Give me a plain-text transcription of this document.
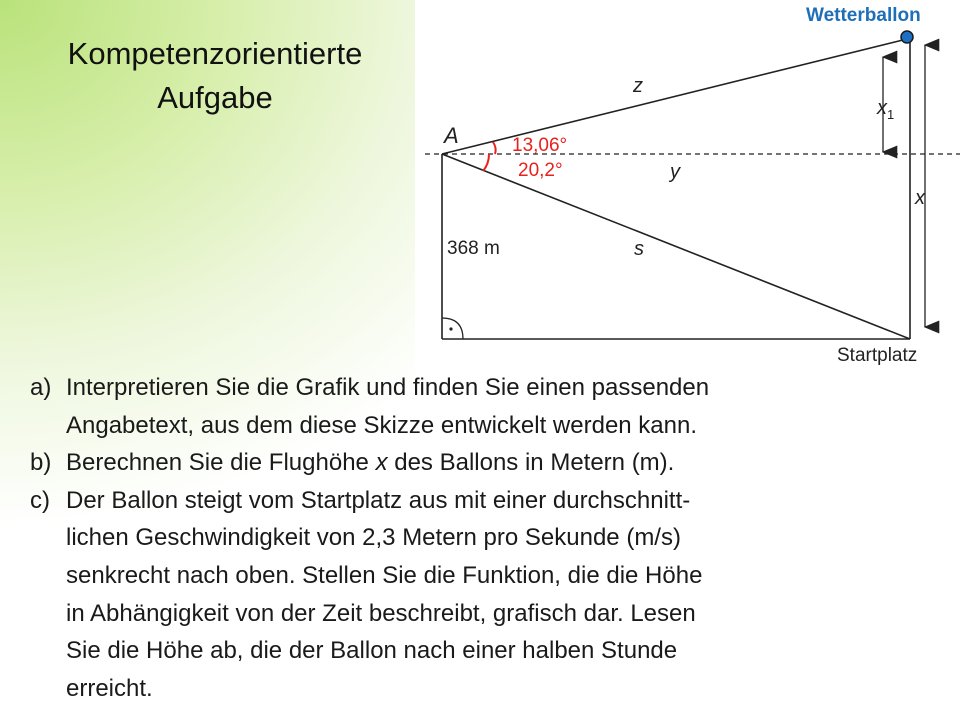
Kompetenzorientierte
Aufgabe
Wetterballon
Startplatz
A	13,06°
20,2°
368 m
z
y
s
x
$x_1$
a) Interpretieren Sie die Grafik und finden Sie einen passenden
Angabetext, aus dem diese Skizze entwickelt werden kann.
b) Berechnen Sie die Flughöhe x des Ballons in Metern (m).
c) Der Ballon steigt vom Startplatz aus mit einer durchschnitt-
lichen Geschwindigkeit von 2,3 Metern pro Sekunde (m/s)
senkrecht nach oben. Stellen Sie die Funktion, die die Höhe
in Abhängigkeit von der Zeit beschreibt, grafisch dar. Lesen
Sie die Höhe ab, die der Ballon nach einer halben Stunde
erreicht.
